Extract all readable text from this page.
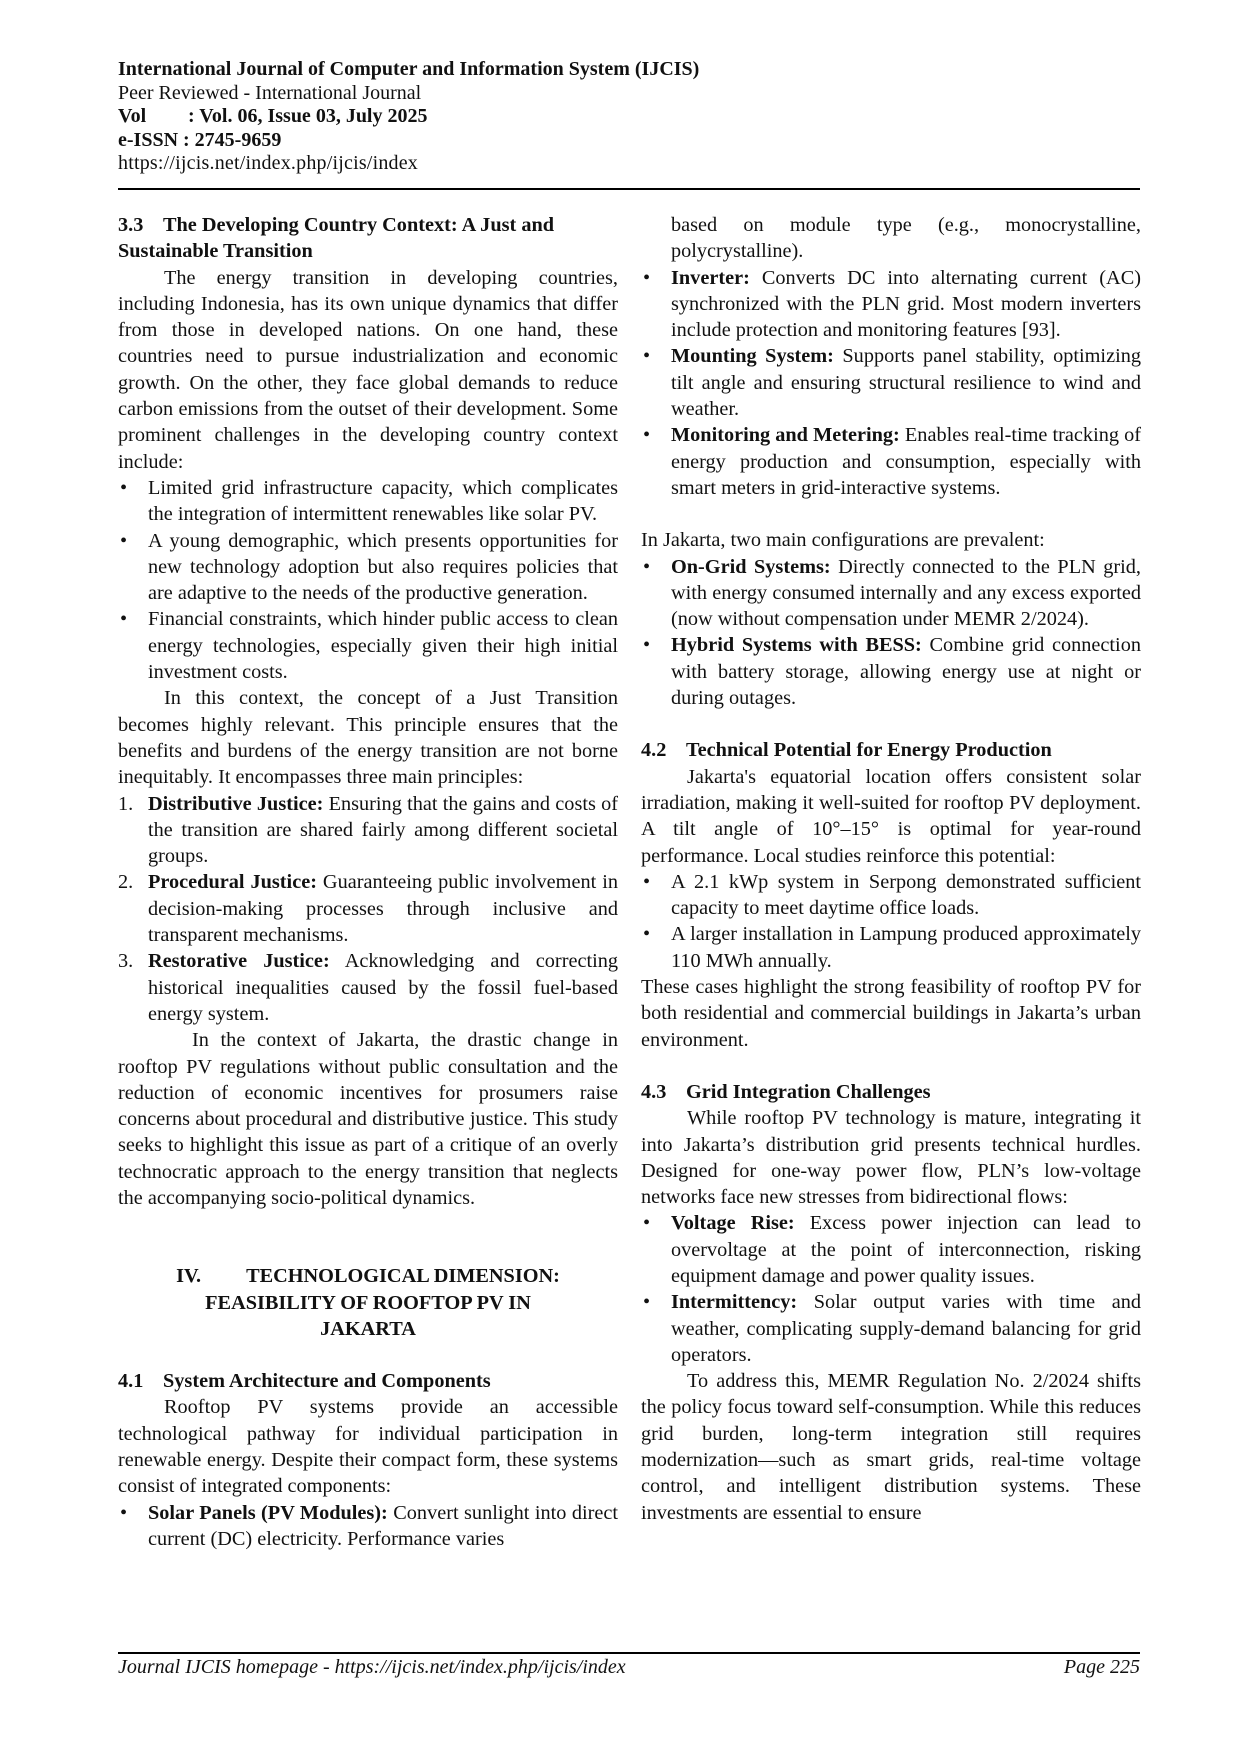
International Journal of Computer and Information System (IJCIS)
Peer Reviewed - International Journal
Vol : Vol. 06, Issue 03, July 2025
e-ISSN : 2745-9659
https://ijcis.net/index.php/ijcis/index
3.3 The Developing Country Context: A Just and Sustainable Transition

The energy transition in developing countries, including Indonesia, has its own unique dynamics that differ from those in developed nations. On one hand, these countries need to pursue industrialization and economic growth. On the other, they face global demands to reduce carbon emissions from the outset of their development. Some prominent challenges in the developing country context include:

•	Limited grid infrastructure capacity, which complicates the integration of intermittent renewables like solar PV.
•	A young demographic, which presents opportunities for new technology adoption but also requires policies that are adaptive to the needs of the productive generation.
•	Financial constraints, which hinder public access to clean energy technologies, especially given their high initial investment costs.

In this context, the concept of a Just Transition becomes highly relevant. This principle ensures that the benefits and burdens of the energy transition are not borne inequitably. It encompasses three main principles:

1. Distributive Justice: Ensuring that the gains and costs of the transition are shared fairly among different societal groups.
2. Procedural Justice: Guaranteeing public involvement in decision-making processes through inclusive and transparent mechanisms.
3. Restorative Justice: Acknowledging and correcting historical inequalities caused by the fossil fuel-based energy system.

In the context of Jakarta, the drastic change in rooftop PV regulations without public consultation and the reduction of economic incentives for prosumers raise concerns about procedural and distributive justice. This study seeks to highlight this issue as part of a critique of an overly technocratic approach to the energy transition that neglects the accompanying socio-political dynamics.

IV. TECHNOLOGICAL DIMENSION:
FEASIBILITY OF ROOFTOP PV IN
JAKARTA
4.1 System Architecture and Components

Rooftop PV systems provide an accessible technological pathway for individual participation in renewable energy. Despite their compact form, these systems consist of integrated components:

•	Solar Panels (PV Modules): Convert sunlight into direct current (DC) electricity. Performance varies
based on module type (e.g., monocrystalline, polycrystalline).
•	Inverter: Converts DC into alternating current (AC) synchronized with the PLN grid. Most modern inverters include protection and monitoring features [93].
•	Mounting System: Supports panel stability, optimizing tilt angle and ensuring structural resilience to wind and weather.
•	Monitoring and Metering: Enables real-time tracking of energy production and consumption, especially with smart meters in grid-interactive systems.

In Jakarta, two main configurations are prevalent:

•	On-Grid Systems: Directly connected to the PLN grid, with energy consumed internally and any excess exported (now without compensation under MEMR 2/2024).
•	Hybrid Systems with BESS: Combine grid connection with battery storage, allowing energy use at night or during outages.
4.2 Technical Potential for Energy Production

Jakarta's equatorial location offers consistent solar irradiation, making it well-suited for rooftop PV deployment. A tilt angle of 10°–15° is optimal for year-round performance. Local studies reinforce this potential:

•	A 2.1 kWp system in Serpong demonstrated sufficient capacity to meet daytime office loads.
•	A larger installation in Lampung produced approximately 110 MWh annually.

These cases highlight the strong feasibility of rooftop PV for both residential and commercial buildings in Jakarta’s urban environment.

4.3 Grid Integration Challenges

While rooftop PV technology is mature, integrating it into Jakarta’s distribution grid presents technical hurdles. Designed for one-way power flow, PLN’s low-voltage networks face new stresses from bidirectional flows:

•	Voltage Rise: Excess power injection can lead to overvoltage at the point of interconnection, risking equipment damage and power quality issues.
•	Intermittency: Solar output varies with time and weather, complicating supply-demand balancing for grid operators.

To address this, MEMR Regulation No. 2/2024 shifts the policy focus toward self-consumption. While this reduces grid burden, long-term integration still requires modernization—such as smart grids, real-time voltage control, and intelligent distribution systems. These investments are essential to ensure

Journal IJCIS homepage - https://ijcis.net/index.php/ijcis/index	Page 225
